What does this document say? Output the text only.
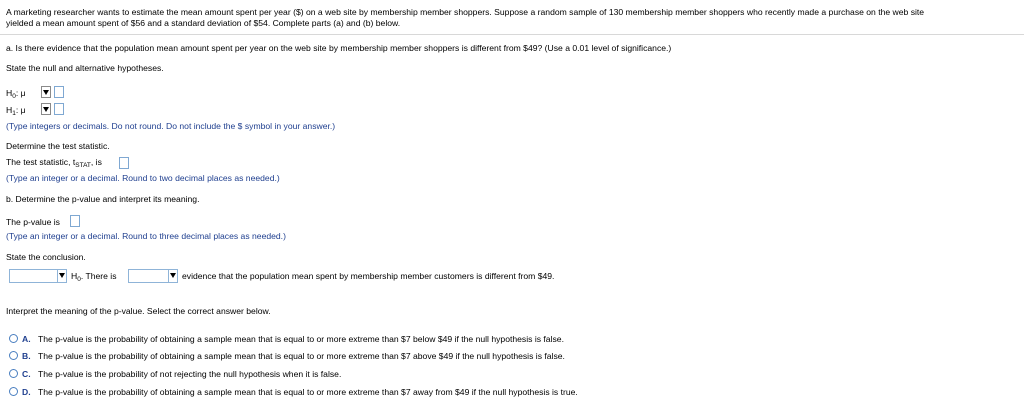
A marketing researcher wants to estimate the mean amount spent per year ($) on a web site by membership member shoppers. Suppose a random sample of 130 membership member shoppers who recently made a purchase on the web site
yielded a mean amount spent of $56 and a standard deviation of $54. Complete parts (a) and (b) below.
a. Is there evidence that the population mean amount spent per year on the web site by membership member shoppers is different from $49? (Use a 0.01 level of significance.)
State the null and alternative hypotheses.
$H_0$: μ
$H_1$: μ
(Type integers or decimals. Do not round. Do not include the $ symbol in your answer.)
Determine the test statistic.
The test statistic, $t_{STAT}$, is
(Type an integer or a decimal. Round to two decimal places as needed.)
b. Determine the p-value and interpret its meaning.
The p-value is
(Type an integer or a decimal. Round to three decimal places as needed.)
State the conclusion.
$H_0$. There is	evidence that the population mean spent by membership member customers is different from $49.
Interpret the meaning of the p-value. Select the correct answer below.
A. The p-value is the probability of obtaining a sample mean that is equal to or more extreme than $7 below $49 if the null hypothesis is false.
B. The p-value is the probability of obtaining a sample mean that is equal to or more extreme than $7 above $49 if the null hypothesis is false.
C. The p-value is the probability of not rejecting the null hypothesis when it is false.
D. The p-value is the probability of obtaining a sample mean that is equal to or more extreme than $7 away from $49 if the null hypothesis is true.
